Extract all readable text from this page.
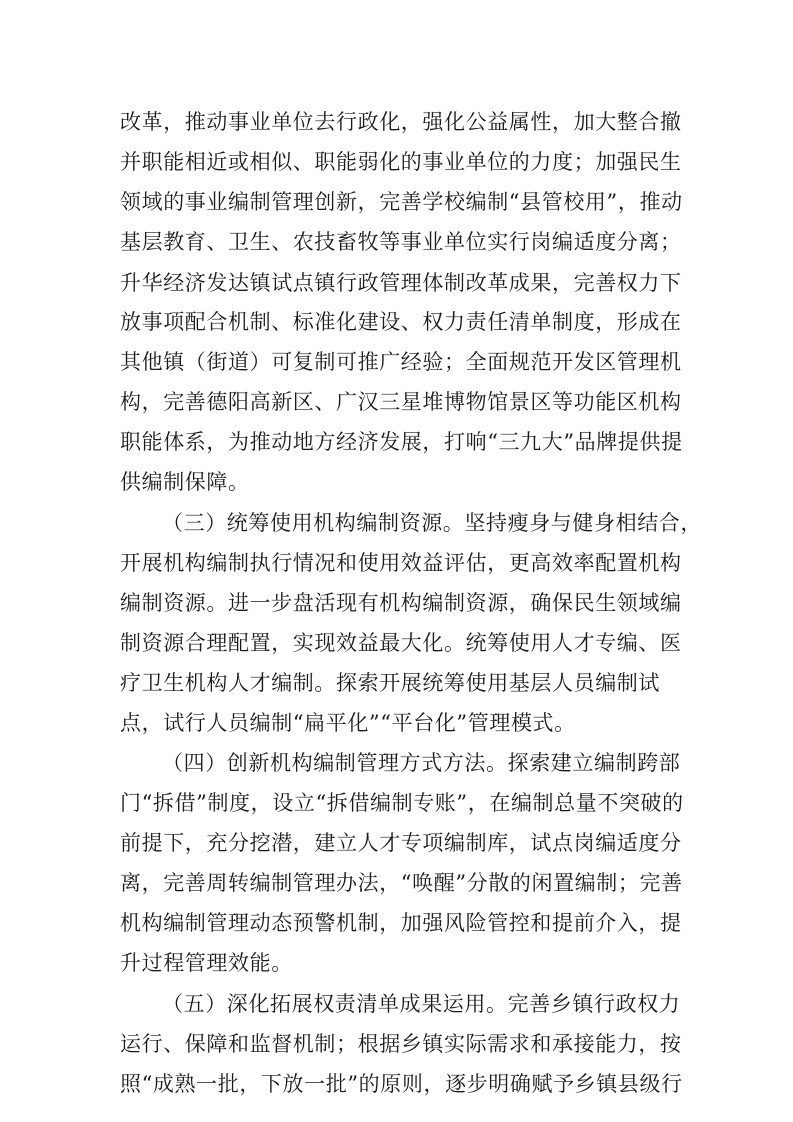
改革，推动事业单位去行政化，强化公益属性，加大整合撤
并职能相近或相似、职能弱化的事业单位的力度；加强民生
领域的事业编制管理创新，完善学校编制“县管校用”，推动
基层教育、卫生、农技畜牧等事业单位实行岗编适度分离；
升华经济发达镇试点镇行政管理体制改革成果，完善权力下
放事项配合机制、标准化建设、权力责任清单制度，形成在
其他镇（街道）可复制可推广经验；全面规范开发区管理机
构，完善德阳高新区、广汉三星堆博物馆景区等功能区机构
职能体系，为推动地方经济发展，打响“三九大”品牌提供提
供编制保障。
（三）统筹使用机构编制资源。坚持瘦身与健身相结合，
开展机构编制执行情况和使用效益评估，更高效率配置机构
编制资源。进一步盘活现有机构编制资源，确保民生领域编
制资源合理配置，实现效益最大化。统筹使用人才专编、医
疗卫生机构人才编制。探索开展统筹使用基层人员编制试
点，试行人员编制“扁平化”“平台化”管理模式。
（四）创新机构编制管理方式方法。探索建立编制跨部
门“拆借”制度，设立“拆借编制专账”，在编制总量不突破的
前提下，充分挖潜，建立人才专项编制库，试点岗编适度分
离，完善周转编制管理办法，“唤醒”分散的闲置编制；完善
机构编制管理动态预警机制，加强风险管控和提前介入，提
升过程管理效能。
（五）深化拓展权责清单成果运用。完善乡镇行政权力
运行、保障和监督机制；根据乡镇实际需求和承接能力，按
照“成熟一批，下放一批”的原则，逐步明确赋予乡镇县级行
